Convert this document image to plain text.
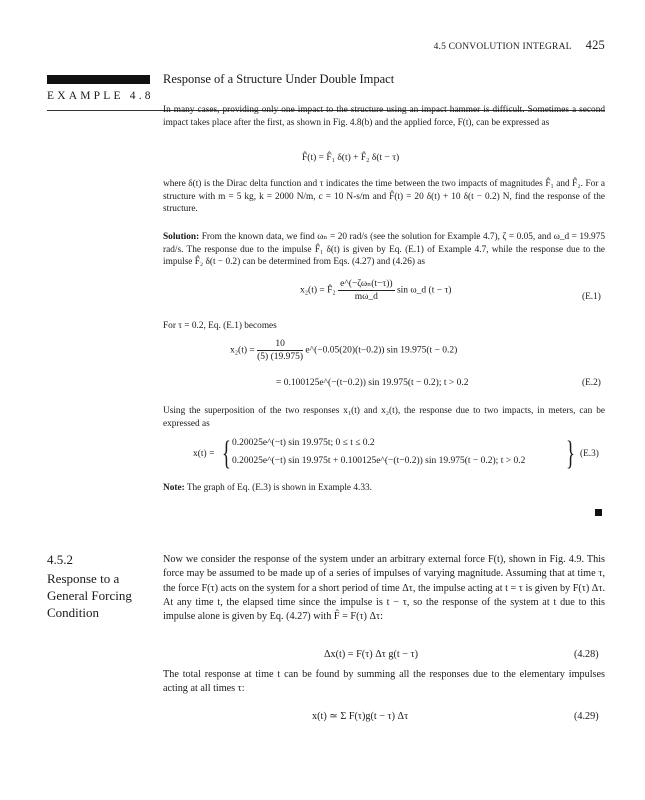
4.5 CONVOLUTION INTEGRAL 425
EXAMPLE 4.8
Response of a Structure Under Double Impact
In many cases, providing only one impact to the structure using an impact hammer is difficult. Sometimes a second impact takes place after the first, as shown in Fig. 4.8(b) and the applied force, F(t), can be expressed as
F̂(t) = F̂₁ δ(t) + F̂₂ δ(t − τ)
where δ(t) is the Dirac delta function and τ indicates the time between the two impacts of magnitudes F̂₁ and F̂₂. For a structure with m = 5 kg, k = 2000 N/m, c = 10 N-s/m and F̂(t) = 20 δ(t) + 10 δ(t − 0.2) N, find the response of the structure.
Solution: From the known data, we find ωₙ = 20 rad/s (see the solution for Example 4.7), ζ = 0.05, and ω_d = 19.975 rad/s. The response due to the impulse F̂₁ δ(t) is given by Eq. (E.1) of Example 4.7, while the response due to the impulse F̂₂ δ(t − 0.2) can be determined from Eqs. (4.27) and (4.26) as
x₂(t) = F̂₂ $\frac{\text{e\textasciicircum{}(−ζωₙ(t−τ))}}{m\omega\_d}$ sin ω_d (t − τ)
(E.1)
For τ = 0.2, Eq. (E.1) becomes
$x_2(t) = \frac{10}{(5) (19.975)}$ e^(−0.05(20)(t−0.2)) sin 19.975(t − 0.2)
= 0.100125e^(−(t−0.2)) sin 19.975(t − 0.2); t > 0.2	(E.2)
Using the superposition of the two responses x₁(t) and x₂(t), the response due to two impacts, in meters, can be expressed as
x(t) = { 0.20025e^(−t) sin 19.975t; 0 ≤ t ≤ 0.2
0.20025e^(−t) sin 19.975t + 0.100125e^(−(t−0.2)) sin 19.975(t − 0.2); t > 0.2 } (E.3)
Note: The graph of Eq. (E.3) is shown in Example 4.33.
4.5.2
Response to a
General Forcing
Condition
Now we consider the response of the system under an arbitrary external force F(t), shown in Fig. 4.9. This force may be assumed to be made up of a series of impulses of varying magnitude. Assuming that at time τ, the force F(τ) acts on the system for a short period of time Δτ, the impulse acting at t = τ is given by F(τ) Δτ. At any time t, the elapsed time since the impulse is t − τ, so the response of the system at t due to this impulse alone is given by Eq. (4.27) with F̂ = F(τ) Δτ:
Δx(t) = F(τ) Δτ g(t − τ)	(4.28)
The total response at time t can be found by summing all the responses due to the elementary impulses acting at all times τ:
x(t) ≃ Σ F(τ)g(t − τ) Δτ	(4.29)
